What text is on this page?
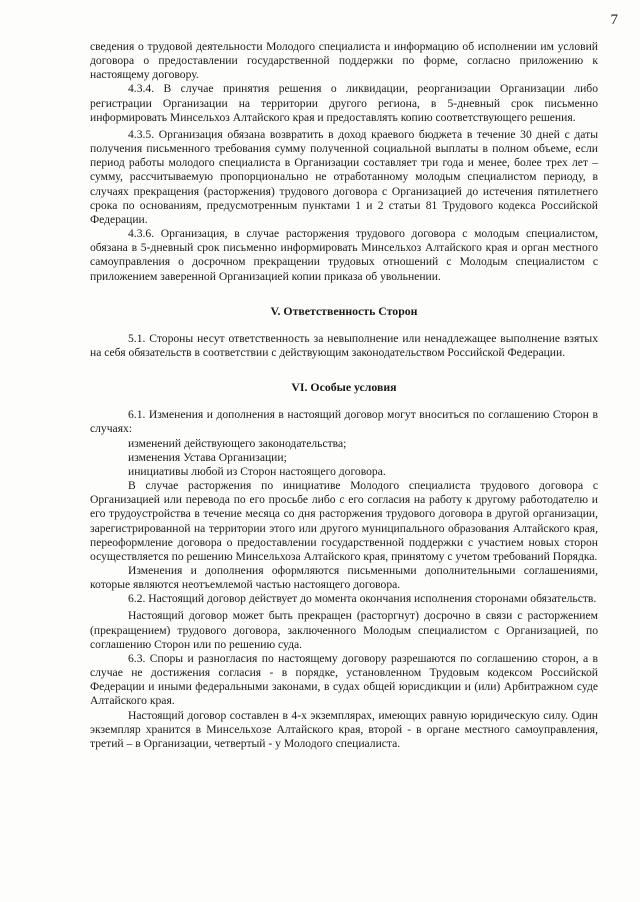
7

сведения о трудовой деятельности Молодого специалиста и информацию об исполнении им условий договора о предоставлении государственной поддержки по форме, согласно приложению к настоящему договору.

4.3.4. В случае принятия решения о ликвидации, реорганизации Организации либо регистрации Организации на территории другого региона, в 5-дневный срок письменно информировать Минсельхоз Алтайского края и предоставлять копию соответствующего решения.

4.3.5. Организация обязана возвратить в доход краевого бюджета в течение 30 дней с даты получения письменного требования сумму полученной социальной выплаты в полном объеме, если период работы молодого специалиста в Организации составляет три года и менее, более трех лет – сумму, рассчитываемую пропорционально не отработанному молодым специалистом периоду, в случаях прекращения (расторжения) трудового договора с Организацией до истечения пятилетнего срока по основаниям, предусмотренным пунктами 1 и 2 статьи 81 Трудового кодекса Российской Федерации.

4.3.6. Организация, в случае расторжения трудового договора с молодым специалистом, обязана в 5-дневный срок письменно информировать Минсельхоз Алтайского края и орган местного самоуправления о досрочном прекращении трудовых отношений с Молодым специалистом с приложением заверенной Организацией копии приказа об увольнении.

V. Ответственность Сторон

5.1. Стороны несут ответственность за невыполнение или ненадлежащее выполнение взятых на себя обязательств в соответствии с действующим законодательством Российской Федерации.

VI. Особые условия

6.1. Изменения и дополнения в настоящий договор могут вноситься по соглашению Сторон в случаях:

изменений действующего законодательства;

изменения Устава Организации;

инициативы любой из Сторон настоящего договора.

В случае расторжения по инициативе Молодого специалиста трудового договора с Организацией или перевода по его просьбе либо с его согласия на работу к другому работодателю и его трудоустройства в течение месяца со дня расторжения трудового договора в другой организации, зарегистрированной на территории этого или другого муниципального образования Алтайского края, переоформление договора о предоставлении государственной поддержки с участием новых сторон осуществляется по решению Минсельхоза Алтайского края, принятому с учетом требований Порядка.

Изменения и дополнения оформляются письменными дополнительными соглашениями, которые являются неотъемлемой частью настоящего договора.

6.2. Настоящий договор действует до момента окончания исполнения сторонами обязательств.

Настоящий договор может быть прекращен (расторгнут) досрочно в связи с расторжением (прекращением) трудового договора, заключенного Молодым специалистом с Организацией, по соглашению Сторон или по решению суда.

6.3. Споры и разногласия по настоящему договору разрешаются по соглашению сторон, а в случае не достижения согласия - в порядке, установленном Трудовым кодексом Российской Федерации и иными федеральными законами, в судах общей юрисдикции и (или) Арбитражном суде Алтайского края.

Настоящий договор составлен в 4-х экземплярах, имеющих равную юридическую силу. Один экземпляр хранится в Минсельхозе Алтайского края, второй - в органе местного самоуправления, третий – в Организации, четвертый - у Молодого специалиста.
